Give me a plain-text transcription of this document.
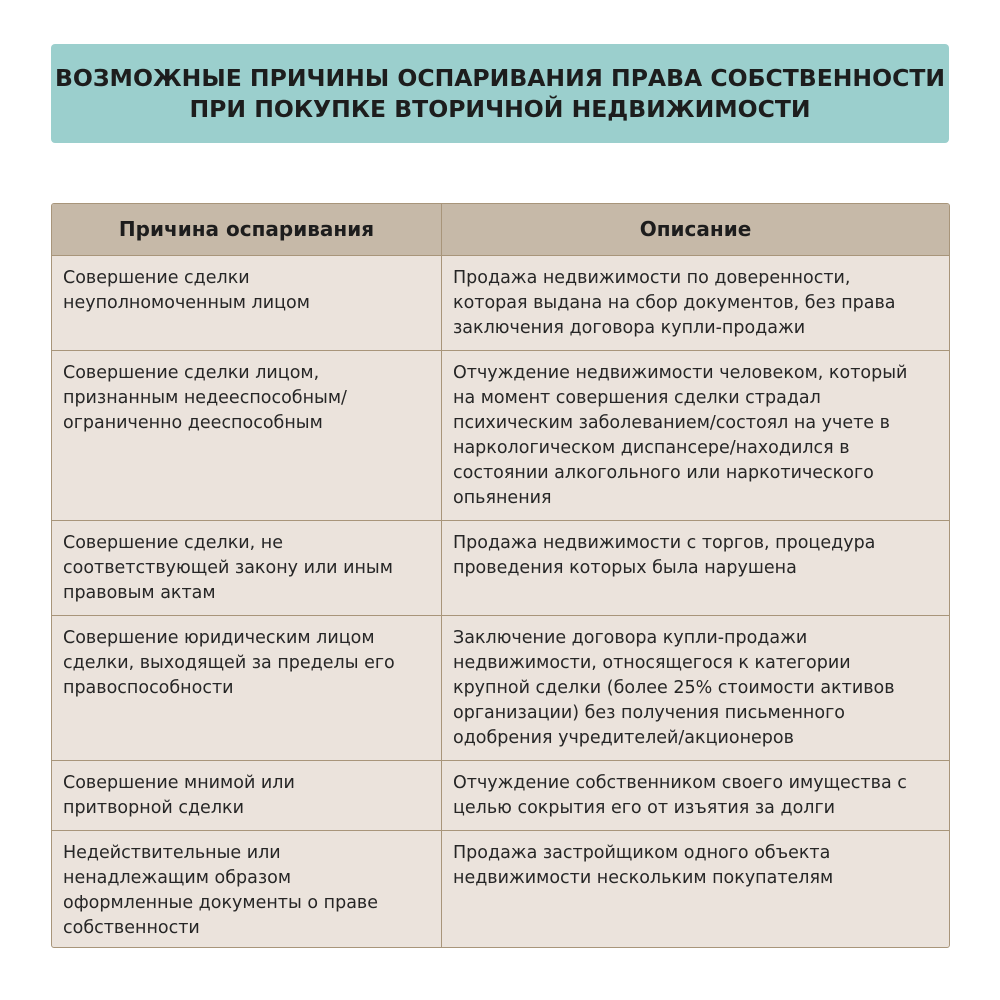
ВОЗМОЖНЫЕ ПРИЧИНЫ ОСПАРИВАНИЯ ПРАВА СОБСТВЕННОСТИ
ПРИ ПОКУПКЕ ВТОРИЧНОЙ НЕДВИЖИМОСТИ
Причина оспаривания	Описание
Совершение сделки
неуполномоченным лицом
Продажа недвижимости по доверенности,
которая выдана на сбор документов, без права
заключения договора купли-продажи
Совершение сделки лицом,
признанным недееспособным/
ограниченно дееспособным
Отчуждение недвижимости человеком, который
на момент совершения сделки страдал
психическим заболеванием/состоял на учете в
наркологическом диспансере/находился в
состоянии алкогольного или наркотического
опьянения
Совершение сделки, не
соответствующей закону или иным
правовым актам
Продажа недвижимости с торгов, процедура
проведения которых была нарушена
Совершение юридическим лицом
сделки, выходящей за пределы его
правоспособности
Заключение договора купли-продажи
недвижимости, относящегося к категории
крупной сделки (более 25% стоимости активов
организации) без получения письменного
одобрения учредителей/акционеров
Совершение мнимой или
притворной сделки
Отчуждение собственником своего имущества с
целью сокрытия его от изъятия за долги
Недействительные или
ненадлежащим образом
оформленные документы о праве
собственности
Продажа застройщиком одного объекта
недвижимости нескольким покупателям
